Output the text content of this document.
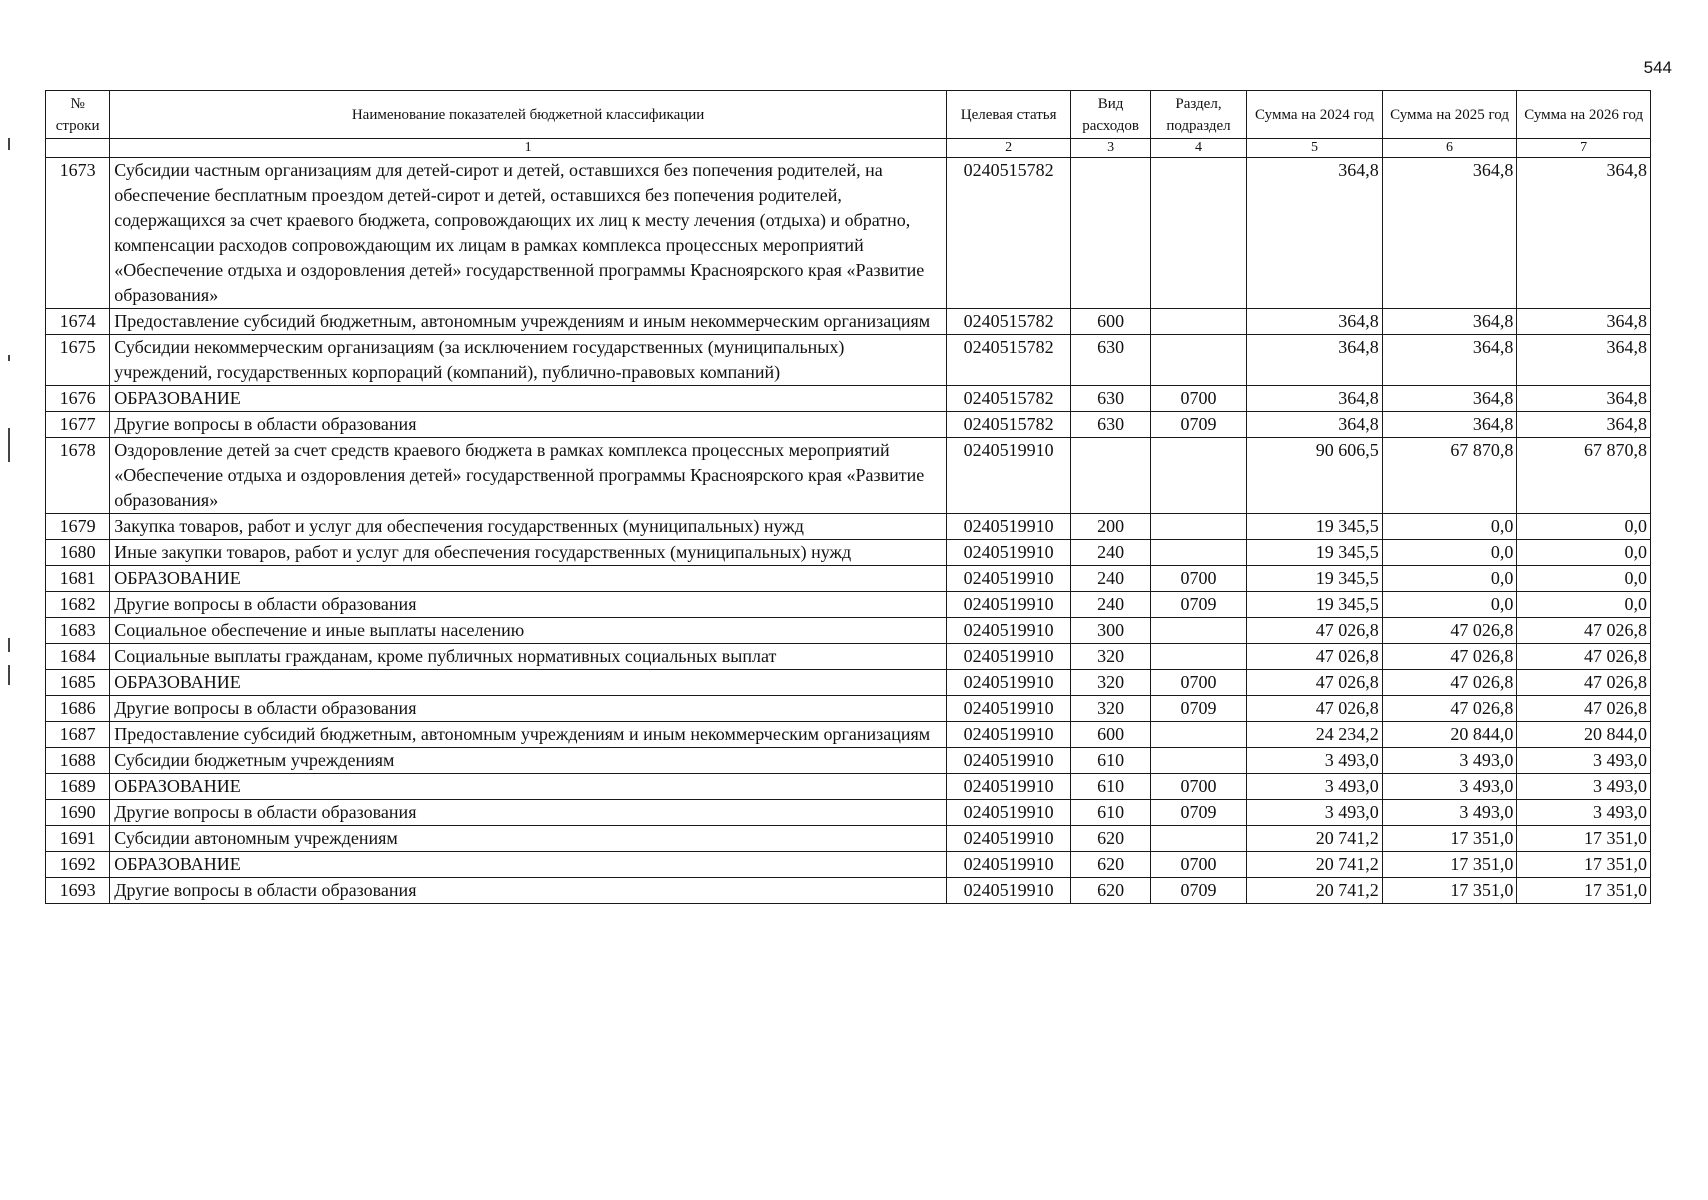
544
№ строки	Наименование показателей бюджетной классификации	Целевая статья	Вид расходов	Раздел, подраздел	Сумма на 2024 год	Сумма на 2025 год	Сумма на 2026 год
	1	2	3	4	5	6	7
1673	Субсидии частным организациям для детей-сирот и детей, оставшихся без попечения родителей, на обеспечение бесплатным проездом детей-сирот и детей, оставшихся без попечения родителей, содержащихся за счет краевого бюджета, сопровождающих их лиц к месту лечения (отдыха) и обратно, компенсации расходов сопровождающим их лицам в рамках комплекса процессных мероприятий «Обеспечение отдыха и оздоровления детей» государственной программы Красноярского края «Развитие образования»	0240515782			364,8	364,8	364,8
1674	Предоставление субсидий бюджетным, автономным учреждениям и иным некоммерческим организациям	0240515782	600		364,8	364,8	364,8
1675	Субсидии некоммерческим организациям (за исключением государственных (муниципальных) учреждений, государственных корпораций (компаний), публично-правовых компаний)	0240515782	630		364,8	364,8	364,8
1676	ОБРАЗОВАНИЕ	0240515782	630	0700	364,8	364,8	364,8
1677	Другие вопросы в области образования	0240515782	630	0709	364,8	364,8	364,8
1678	Оздоровление детей за счет средств краевого бюджета в рамках комплекса процессных мероприятий «Обеспечение отдыха и оздоровления детей» государственной программы Красноярского края «Развитие образования»	0240519910			90 606,5	67 870,8	67 870,8
1679	Закупка товаров, работ и услуг для обеспечения государственных (муниципальных) нужд	0240519910	200		19 345,5	0,0	0,0
1680	Иные закупки товаров, работ и услуг для обеспечения государственных (муниципальных) нужд	0240519910	240		19 345,5	0,0	0,0
1681	ОБРАЗОВАНИЕ	0240519910	240	0700	19 345,5	0,0	0,0
1682	Другие вопросы в области образования	0240519910	240	0709	19 345,5	0,0	0,0
1683	Социальное обеспечение и иные выплаты населению	0240519910	300		47 026,8	47 026,8	47 026,8
1684	Социальные выплаты гражданам, кроме публичных нормативных социальных выплат	0240519910	320		47 026,8	47 026,8	47 026,8
1685	ОБРАЗОВАНИЕ	0240519910	320	0700	47 026,8	47 026,8	47 026,8
1686	Другие вопросы в области образования	0240519910	320	0709	47 026,8	47 026,8	47 026,8
1687	Предоставление субсидий бюджетным, автономным учреждениям и иным некоммерческим организациям	0240519910	600		24 234,2	20 844,0	20 844,0
1688	Субсидии бюджетным учреждениям	0240519910	610		3 493,0	3 493,0	3 493,0
1689	ОБРАЗОВАНИЕ	0240519910	610	0700	3 493,0	3 493,0	3 493,0
1690	Другие вопросы в области образования	0240519910	610	0709	3 493,0	3 493,0	3 493,0
1691	Субсидии автономным учреждениям	0240519910	620		20 741,2	17 351,0	17 351,0
1692	ОБРАЗОВАНИЕ	0240519910	620	0700	20 741,2	17 351,0	17 351,0
1693	Другие вопросы в области образования	0240519910	620	0709	20 741,2	17 351,0	17 351,0
